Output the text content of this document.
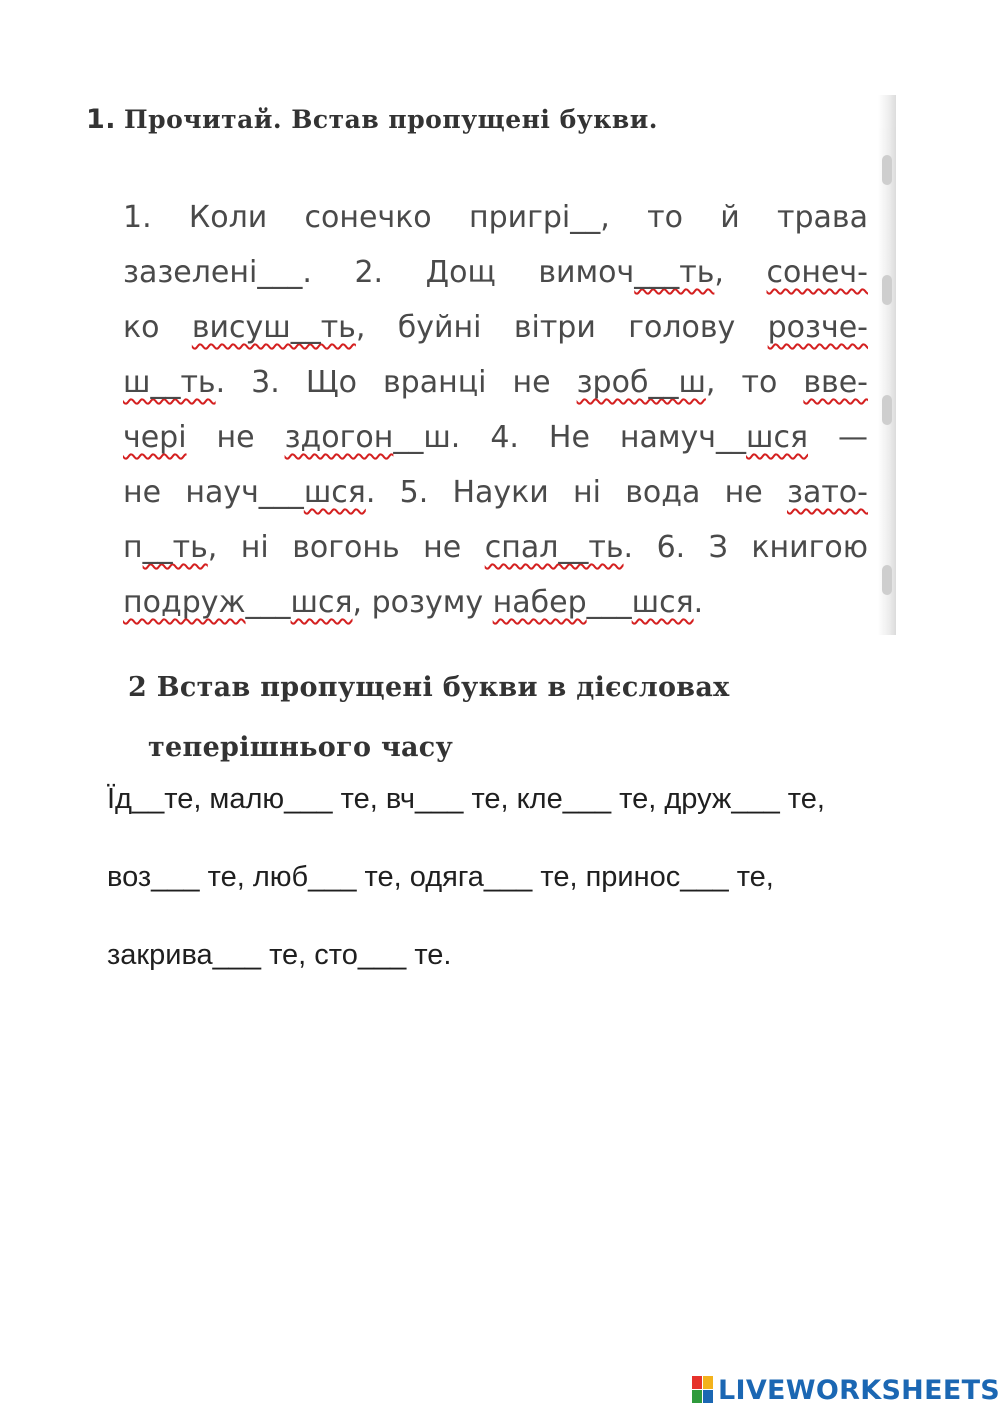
1. Прочитай. Встав пропущені букви.
1. Коли сонечко пригрі__, то й трава
зазелені___. 2. Дощ вимоч___ть, сонеч-
ко висуш__ть, буйні вітри голову розче-
ш__ть. 3. Що вранці не зроб__ш, то вве-
чері не здогон__ш. 4. Не намуч__шся —
не науч___шся. 5. Науки ні вода не зато-
п__ть, ні вогонь не спал__ть. 6. З книгою
подруж___шся, розуму набер___шся.
2 Встав пропущені букви в дієсловах
теперішнього часу
Їд__те, малю___ те, вч___ те, кле___ те, друж___ те,
воз___ те, люб___ те, одяга___ те, принос___ те,
закрива___ те, сто___ те.
LIVEWORKSHEETS
